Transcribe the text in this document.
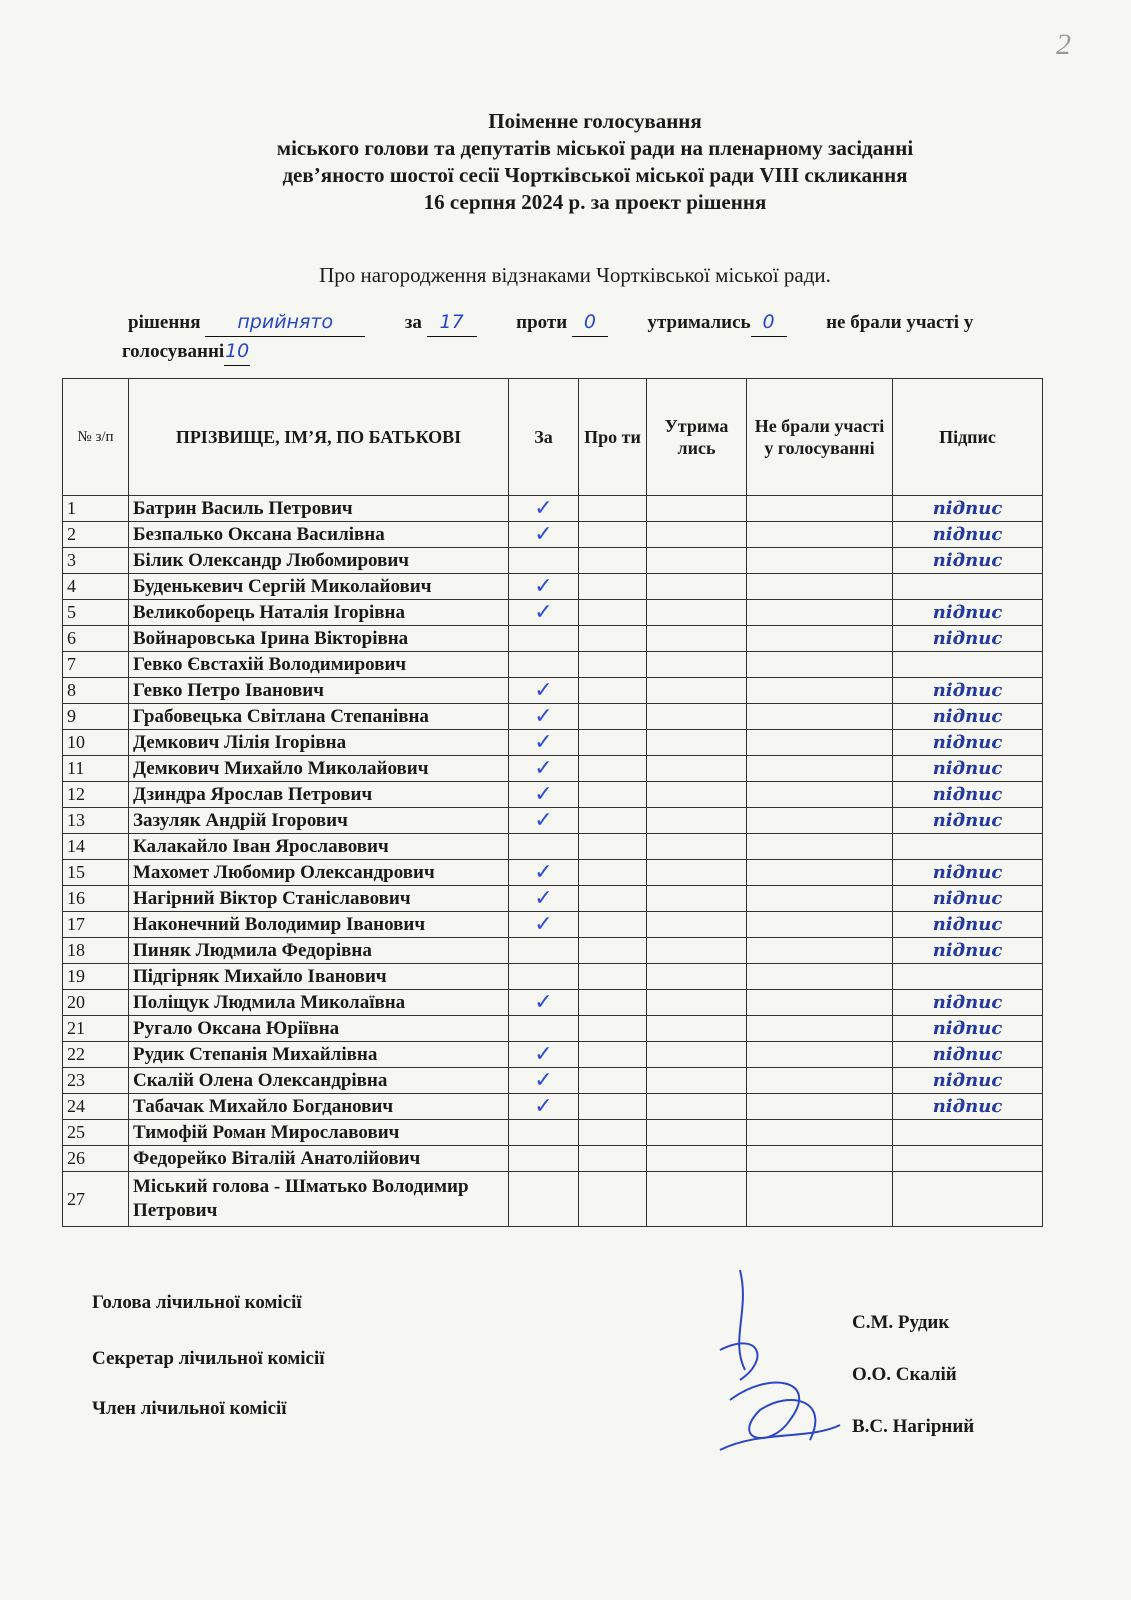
2
Поіменне голосування
міського голови та депутатів міської ради на пленарному засіданні
дев’яносто шостої сесії Чортківської міської ради VIII скликання
16 серпня 2024 р. за проект рішення
Про нагородження відзнаками Чортківської міської ради.
рішення прийнято	за 17	проти 0	утримались 0	не брали участі у
голосуванні10
№ з/п	ПРІЗВИЩЕ, ІМ’Я, ПО БАТЬКОВІ	За	Про ти	Утрима лись	Не брали участі у голосуванні	Підпис
1	Батрин Василь Петрович	✓				підпис
2	Безпалько Оксана Василівна	✓				підпис
3	Білик Олександр Любомирович					підпис
4	Буденькевич Сергій Миколайович	✓				
5	Великоборець Наталія Ігорівна	✓				підпис
6	Войнаровська Ірина Вікторівна					підпис
7	Гевко Євстахій Володимирович					
8	Гевко Петро Іванович	✓				підпис
9	Грабовецька Світлана Степанівна	✓				підпис
10	Демкович Лілія Ігорівна	✓				підпис
11	Демкович Михайло Миколайович	✓				підпис
12	Дзиндра Ярослав Петрович	✓				підпис
13	Зазуляк Андрій Ігорович	✓				підпис
14	Калакайло Іван Ярославович					
15	Махомет Любомир Олександрович	✓				підпис
16	Нагірний Віктор Станіславович	✓				підпис
17	Наконечний Володимир Іванович	✓				підпис
18	Пиняк Людмила Федорівна					підпис
19	Підгірняк Михайло Іванович					
20	Поліщук Людмила Миколаївна	✓				підпис
21	Ругало Оксана Юріївна					підпис
22	Рудик Степанія Михайлівна	✓				підпис
23	Скалій Олена Олександрівна	✓				підпис
24	Табачак Михайло Богданович	✓				підпис
25	Тимофій Роман Мирославович					
26	Федорейко Віталій Анатолійович					
27	Міський голова - Шматько Володимир Петрович					
Голова лічильної комісії
Секретар лічильної комісії
Член лічильної комісії
С.М. Рудик
О.О. Скалій
В.С. Нагірний
